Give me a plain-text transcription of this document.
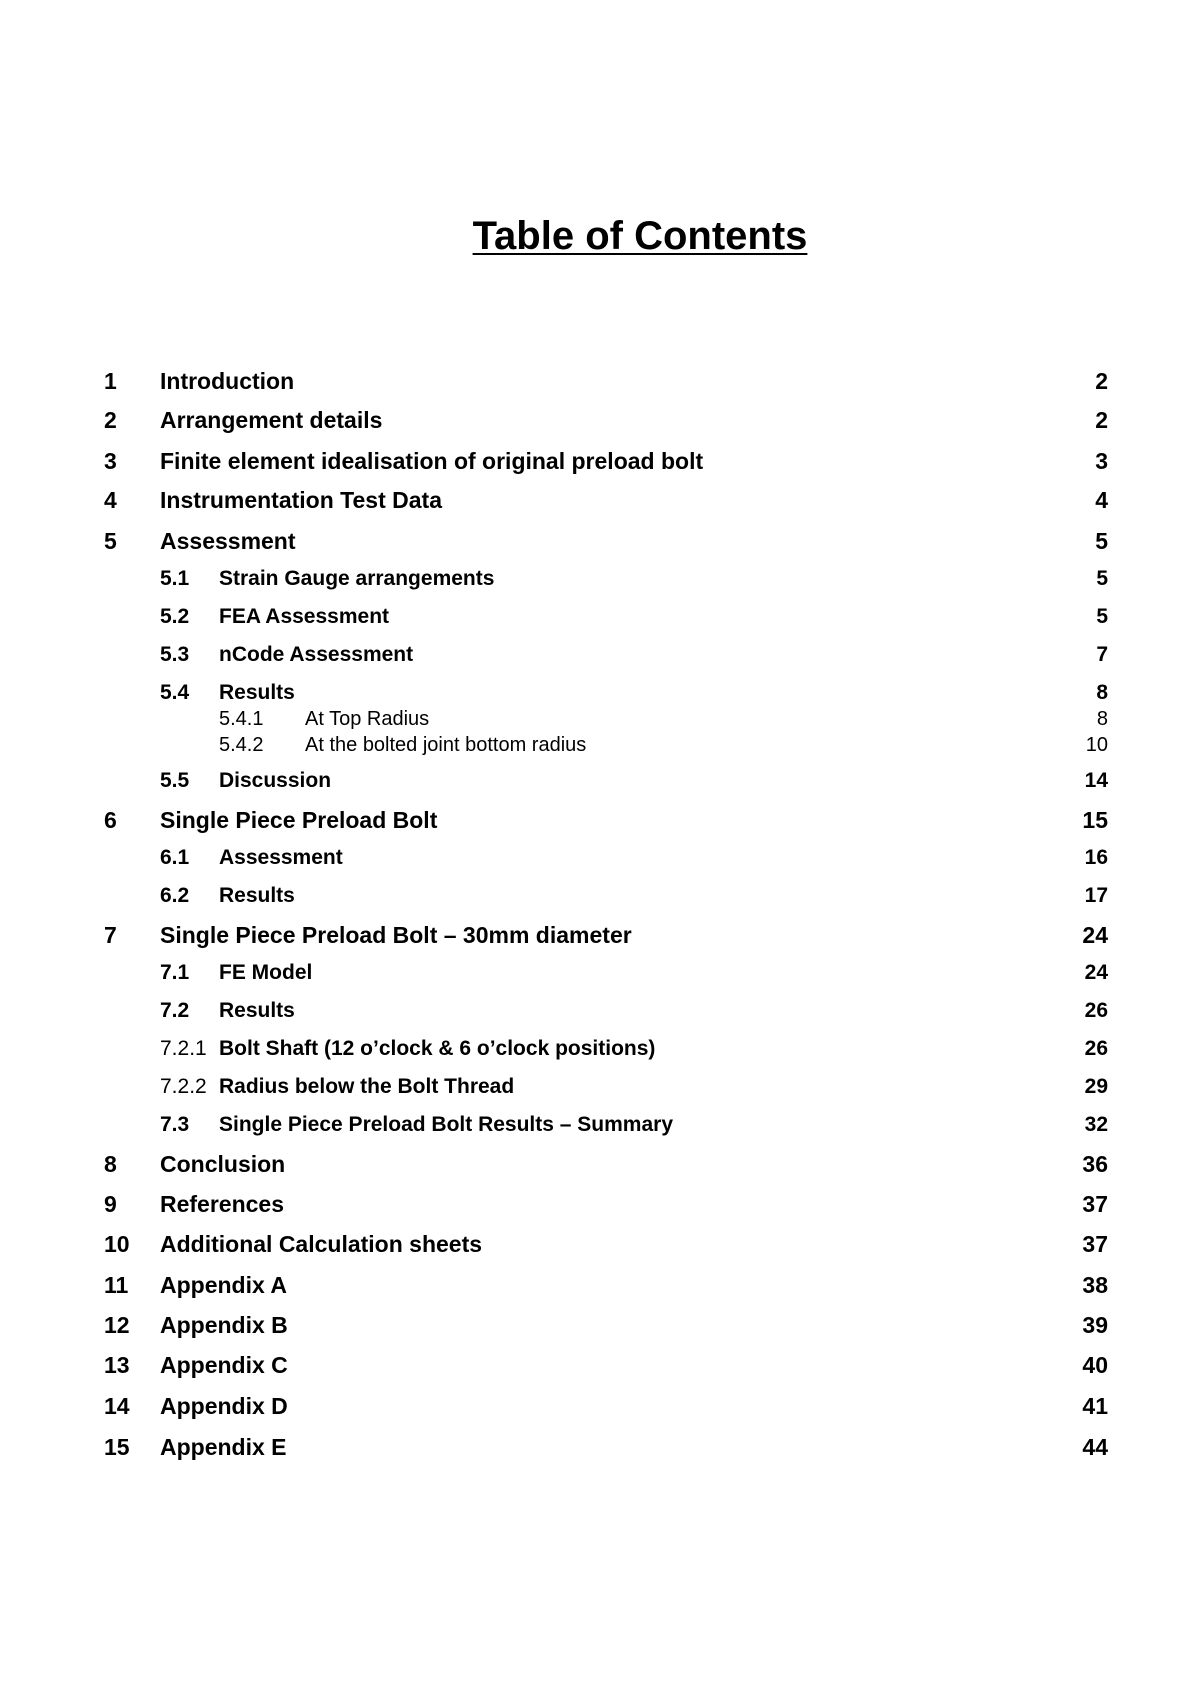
Table of Contents
1 Introduction	2
2 Arrangement details	2
3 Finite element idealisation of original preload bolt	3
4 Instrumentation Test Data	4
5 Assessment	5
5.1 Strain Gauge arrangements	5
5.2 FEA Assessment	5
5.3 nCode Assessment	7
5.4 Results	8
5.4.1 At Top Radius	8
5.4.2 At the bolted joint bottom radius	10
5.5 Discussion	14
6 Single Piece Preload Bolt	15
6.1 Assessment	16
6.2 Results	17
7 Single Piece Preload Bolt – 30mm diameter	24
7.1 FE Model	24
7.2 Results	26
7.2.1 Bolt Shaft (12 o’clock & 6 o’clock positions)	26
7.2.2 Radius below the Bolt Thread	29
7.3 Single Piece Preload Bolt Results – Summary	32
8 Conclusion	36
9 References	37
10 Additional Calculation sheets	37
11 Appendix A	38
12 Appendix B	39
13 Appendix C	40
14 Appendix D	41
15 Appendix E	44
